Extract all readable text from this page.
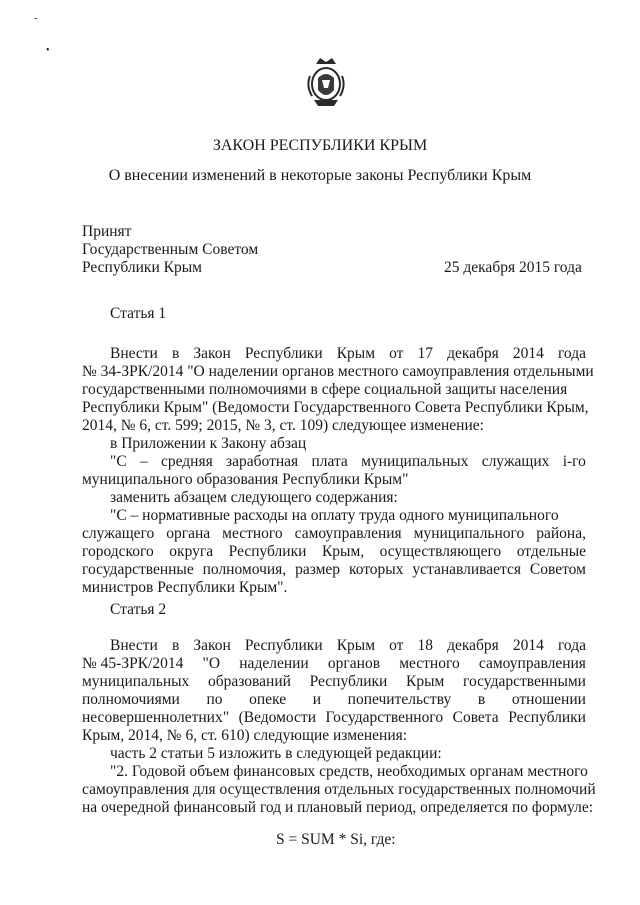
-
•
ЗАКОН РЕСПУБЛИКИ КРЫМ
О внесении изменений в некоторые законы Республики Крым
Принят
Государственным Советом
Республики Крым	25 декабря 2015 года
Статья 1
Внести в Закон Республики Крым от 17 декабря 2014 года
№ 34-ЗРК/2014 "О наделении органов местного самоуправления отдельными
государственными полномочиями в сфере социальной защиты населения
Республики Крым" (Ведомости Государственного Совета Республики Крым,
2014, № 6, ст. 599; 2015, № 3, ст. 109) следующее изменение:
в Приложении к Закону абзац
"С – средняя заработная плата муниципальных служащих i-го
муниципального образования Республики Крым"
заменить абзацем следующего содержания:
"С – нормативные расходы на оплату труда одного муниципального
служащего органа местного самоуправления муниципального района,
городского округа Республики Крым, осуществляющего отдельные
государственные полномочия, размер которых устанавливается Советом
министров Республики Крым".
Статья 2
Внести в Закон Республики Крым от 18 декабря 2014 года
№ 45-ЗРК/2014 "О наделении органов местного самоуправления
муниципальных образований Республики Крым государственными
полномочиями по опеке и попечительству в отношении
несовершеннолетних" (Ведомости Государственного Совета Республики
Крым, 2014, № 6, ст. 610) следующие изменения:
часть 2 статьи 5 изложить в следующей редакции:
"2. Годовой объем финансовых средств, необходимых органам местного
самоуправления для осуществления отдельных государственных полномочий
на очередной финансовый год и плановый период, определяется по формуле:
S = SUM * Si, где:
